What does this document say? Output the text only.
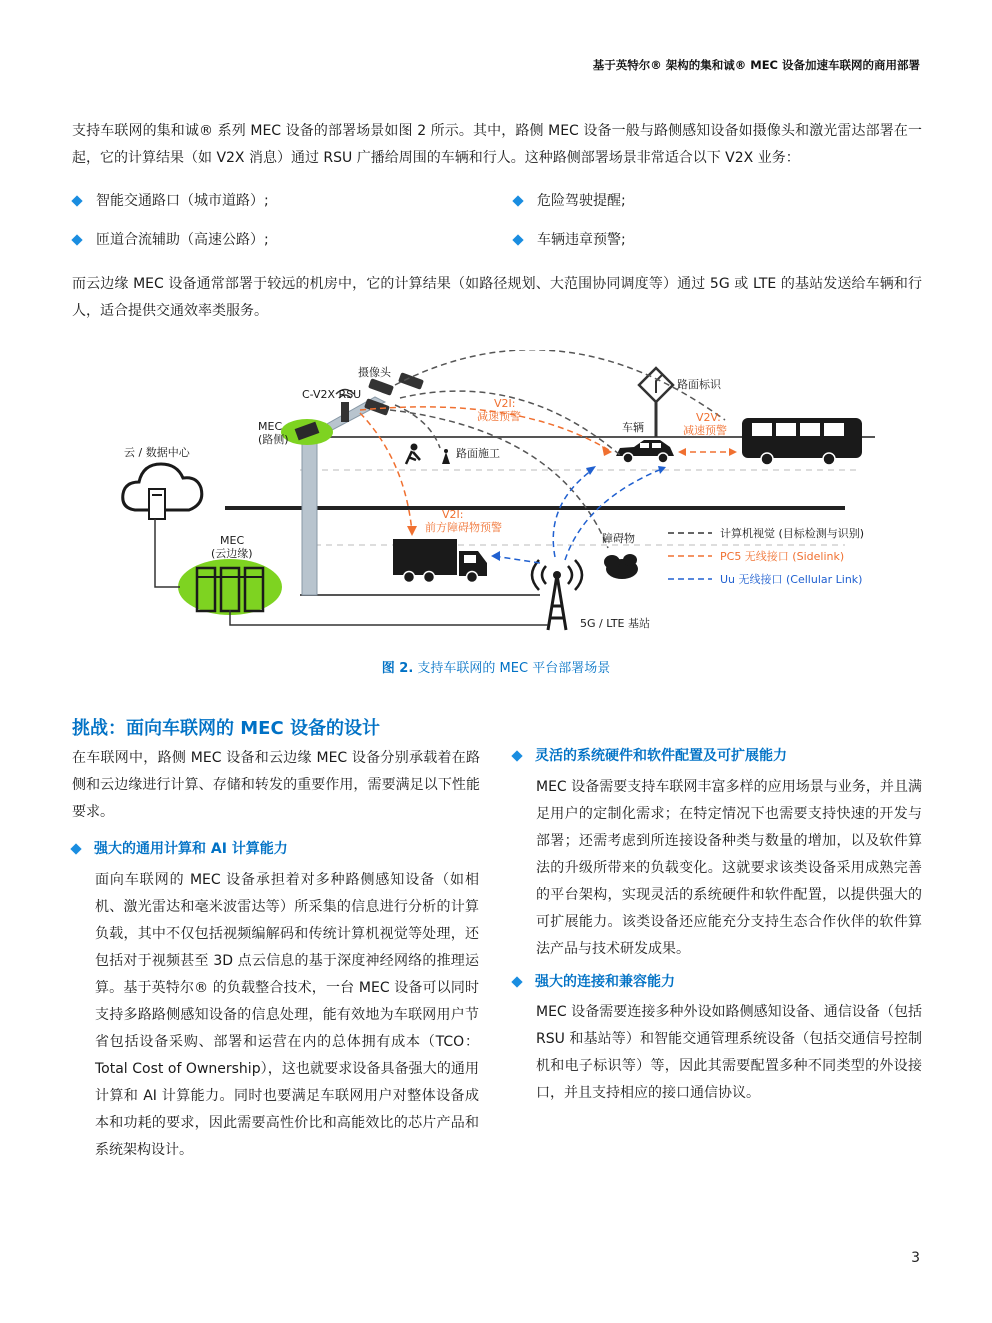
基于英特尔® 架构的集和诚® MEC 设备加速车联网的商用部署

支持车联网的集和诚® 系列 MEC 设备的部署场景如图 2 所示。其中，路侧 MEC 设备一般与路侧感知设备如摄像头和激光雷达部署在一起，它的计算结果（如 V2X 消息）通过 RSU 广播给周围的车辆和行人。这种路侧部署场景非常适合以下 V2X 业务：

智能交通路口（城市道路）;	危险驾驶提醒;
匝道合流辅助（高速公路）;	车辆违章预警;

而云边缘 MEC 设备通常部署于较远的机房中，它的计算结果（如路径规划、大范围协同调度等）通过 5G 或 LTE 的基站发送给车辆和行人，适合提供交通效率类服务。

摄像头
C-V2X RSU
MEC
(路侧)
路面标识
云 / 数据中心
V2I:
减速预警	V2V:
减速预警
车辆
路面施工
V2I:
前方障碍物预警
障碍物
MEC
(云边缘)
5G / LTE 基站
计算机视觉 (目标检测与识别)
PC5 无线接口 (Sidelink)
Uu 无线接口 (Cellular Link)
图 2. 支持车联网的 MEC 平台部署场景
挑战：面向车联网的 MEC 设备的设计

在车联网中，路侧 MEC 设备和云边缘 MEC 设备分别承载着在路侧和云边缘进行计算、存储和转发的重要作用，需要满足以下性能要求。

强大的通用计算和 AI 计算能力

面向车联网的 MEC 设备承担着对多种路侧感知设备（如相机、激光雷达和毫米波雷达等）所采集的信息进行分析的计算负载，其中不仅包括视频编解码和传统计算机视觉等处理，还包括对于视频甚至 3D 点云信息的基于深度神经网络的推理运算。基于英特尔® 的负载整合技术，一台 MEC 设备可以同时支持多路路侧感知设备的信息处理，能有效地为车联网用户节省包括设备采购、部署和运营在内的总体拥有成本（TCO：Total Cost of Ownership），这也就要求设备具备强大的通用计算和 AI 计算能力。同时也要满足车联网用户对整体设备成本和功耗的要求，因此需要高性价比和高能效比的芯片产品和系统架构设计。

灵活的系统硬件和软件配置及可扩展能力

MEC 设备需要支持车联网丰富多样的应用场景与业务，并且满足用户的定制化需求；在特定情况下也需要支持快速的开发与部署；还需考虑到所连接设备种类与数量的增加，以及软件算法的升级所带来的负载变化。这就要求该类设备采用成熟完善的平台架构，实现灵活的系统硬件和软件配置，以提供强大的可扩展能力。该类设备还应能充分支持生态合作伙伴的软件算法产品与技术研发成果。

强大的连接和兼容能力

MEC 设备需要连接多种外设如路侧感知设备、通信设备（包括 RSU 和基站等）和智能交通管理系统设备（包括交通信号控制机和电子标识等）等，因此其需要配置多种不同类型的外设接口，并且支持相应的接口通信协议。

3
